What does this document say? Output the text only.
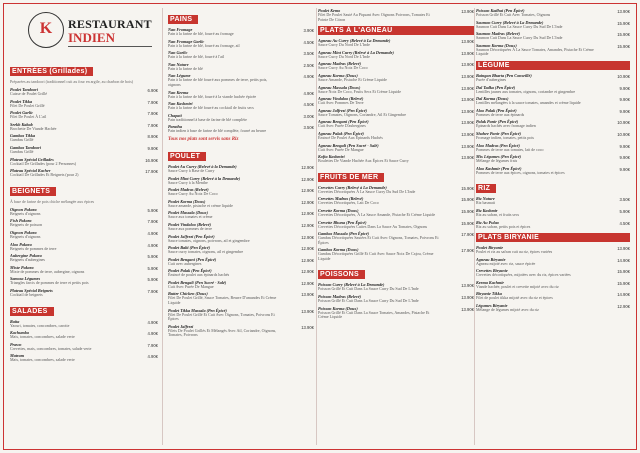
K	RESTAURANT
INDIEN
ENTRÉES (Grillades)
Préparées au tandoori (traditionnel cuit au four en argile, au charbon de bois)
Poulet Tandoori
Cuisse de Poulet Grillé
6.90€
Poulet Tikka
Filet De Poulet Grillé
7.90€
Poulet Garlic
Filet De Poulet À L'ail
7.90€
Seekh Kabab
Brochette De Viande Hachée
7.90€
Gambas Tikka
Gambas Grillé
8.90€
Gambas Tandoori
Gambas Grillé
9.90€
Platean Spécial Grillades
Cocktail De Grillades (pour 2 Personnes)
16.90€
Plateau Spécial Kacher
Cocktail De Grillades Et Beignets (pour 2)
17.90€
BEIGNETS
À base de farine de pois chiche mélangée aux épices
Oignon Pakora
Beignets d'oignons
5.90€
Fish Pakora
Beignets de poisson
7.90€
Oignon Pakora
Beignets d'oignons
4.90€
Aloo Pakora
Beignets de pommes de terre
4.90€
Aubergine Pakora
Beignets d'aubergines
5.90€
Mixte Pakora
Mixte de pommes de terre, aubergine, oignons
5.90€
Samosa Légumes
Triangles farcis de pommes de terre et petits pois
5.90€
Plateau Spécial Beignets
Cocktail de beignets
7.90€
SALADES
Raita
Yaourt, tomates, concombres, carotte
4.90€
Kachumba
Mais, tomates, concombres, salade verte
4.90€
Prawn
Crevettes, mais, concombres, tomates, salade verte
7.90€
Matram
Mais, tomates, concombres, salade verte
4.90€
PAINS
Nan Fromage
Pain à la farine de blé, fourré au fromage
3.90€
Nan Fromage Garlic
Pain à la farine de blé, fourré au fromage, ail
4.50€
Nan Garlic
Pain à la farine de blé, fourré à l'ail
3.50€
Nan Nature
Pain à la farine de blé
2.50€
Nan Légume
Pain à la farine de blé fourré aux pommes de terre, petits pois, oignons
4.90€
Nan Keema
Pain à la farine de blé, fourré à la viande hachée épicée
4.90€
Nan Kashmiri
Pain à la farine de blé fourré au cocktail de fruits secs
4.50€
Chapati
Pain traditionnel à base de farine de blé complète
3.00€
Paratha
Pain indien à base de farine de blé complète, fourré au beurre
3.50€
Tous nos plats sont servis sans Riz
POULET
Poulet Au Curry (Relevé à la Demande)
Sauce Curry à Base de Curry
12.90€
Poulet Mint Curry (Relevé à la Demande)
Sauce Curry à la Menthe
12.90€
Poulet Madras (Relevé)
Sauce Curry Au Noix De Coco
12.90€
Poulet Korma (Doux)
Sauce amande, pistache et crème liquide
12.90€
Poulet Massala (Doux)
Sauce aux tomates et crème
12.90€
Poulet Vindaloo (Relevé)
Sauce aux pommes de terre
12.90€
Poulet Jalfrezi (Pen Épicé)
Sauce tomates, oignons, poivrons, ail et gingembre
12.90€
Poulet Balti (Pen Épicé)
Sauce curry tomates, oignons, ail et gingembre
12.90€
Poulet Bengani (Pen Épicé)
Cuit avec aubergines
12.90€
Poulet Palak (Pen Épicé)
Émincé de poulet aux épinards hachés
12.90€
Poulet Bengali (Pen Sucré - Salé)
Cuit Avec Purée De Mangue
12.90€
Butter Chicken (Doux)
Filet De Poulet Grillé, Sauce Tomates, Beurre D'amandes Et Crème Liquide
13.90€
Poulet Tikka Massala (Pen Épicé)
Filet De Poulet Grillé Et Cuit Avec Oignons, Tomates, Poivrons Et Épices
13.90€
Poulet Jalfrezi
Filets De Poulet Grillés Et Mélangés Avec Ail, Coriandre, Oignons, Tomates, Poivrons
13.90€
Poulet Kemo
Filet De Poulet Sauté Au Piquant Avec Oignons Poivrons, Tomates Et Pointe De Citron
13.90€
PLATS À L'AGNEAU
Agneau Au Curry (Relevé à La Demande)
Sauce Curry Du Nord De L'Inde
13.90€
Agneau Mint Curry (Relevé à La Demande)
Sauce Curry Du Nord De L'Inde
13.90€
Agneau Madras (Relevé)
Sauce Curry Au Noix De Coco
13.90€
Agneau Korma (Doux)
Sauce Amande, Pistache Et Crème Liquide
13.90€
Agneau Massala (Doux)
Sauce Noix De Coco, Fruits Secs Et Crème Liquide
13.90€
Agneau Vindaloo (Relevé)
Cuit Avec Pommes De Terre
13.90€
Agneau Jalfrezi (Pen Épicé)
Sauce Tomates, Oignons, Coriandre, Ail Et Gingembre
13.90€
Agneau Bengani (Pen Épicé)
Cuit Avec Purée D'aubergines
13.90€
Agneau Palak (Pen Épicé)
Émincé De Poulet Aux Épinards Hachés
13.90€
Agneau Bengali (Pen Sucré - Salé)
Cuit Avec Purée De Mangue
13.90€
Kofta Kashmiri
Boulettes De Viande Hachée Aux Épices Et Sauce Curry
13.90€
FRUITS DE MER
Crevettes Curry (Relevé à La Demande)
Crevettes Décortiquées À La Sauce Curry Du Sud De L'Inde
15.90€
Crevettes Madras (Relevé)
Crevettes Décortiquées, Lait De Coco
15.90€
Crevette Korma (Doux)
Crevettes Décortiquées, À La Sauce Amande, Pistache Et Crème Liquide
15.90€
Crevette Bhuna (Pen Épicé)
Crevettes Décortiquées Cuites Dans La Sauce Au Tomates, Oignons
15.90€
Gambas Massala (Pen Épicé)
Gambas Décortiquées Sautées Et Cuit Avec Oignons, Tomates, Poivrons Et Épices
17.90€
Gambas Korma (Doux)
Gambas Décortiquées Grillé Et Cuit Avec Sauce Noix De Cajou, Crème Liquide
17.90€
POISSONS
Poisson Curry (Relevé à La Demande)
Poisson Grillé Et Cuit Dans La Sauce Curry Du Sud De L'Inde
13.90€
Poisson Madras (Relevé)
Poisson Grillé Et Cuit Dans La Sauce Curry Du Sud De L'Inde
13.90€
Poisson Korma (Doux)
Poisson Grillé Et Cuit Dans La Sauce Tomates, Amandes, Pistache Et Crème Liquide
13.90€
Poisson Kadhai (Pen Épicé)
Poisson Grillé Et Cuit Avec Tomates, Oignons
13.90€
Saumon Curry (Relevé à La Demande)
Saumon Cuit Dans La Sauce Curry Du Sud De L'Inde
15.90€
Saumon Madras (Relevé)
Saumon Cuit Dans La Sauce Curry Du Sud De L'Inde
15.90€
Saumon Korma (Doux)
Saumon Décortiquées À La Sauce Tomates, Amandes, Pistache Et Crème Liquide
15.90€
LÉGUME
Baingan Bharta (Pen Conseillé)
Purée d'aubergines
10.90€
Dal Tadka (Pen Épicé)
Lentilles jaunes aux tomates, oignons, coriandre et gingembre
9.90€
Dal Korma (Doux)
Lentilles mélangées à la sauce tomates, amandes et crème liquide
9.90€
Aloo Palak (Pen Épicé)
Pommes de terre aux épinards
9.90€
Palak Panir (Pen Épicé)
Épinards hachés avec fromage indien
10.90€
Shahee Panir (Pen Épicé)
Fromage indien, tomates, petits pois
10.90€
Aloo Madras (Pen Épicé)
Pommes de terre aux tomates, lait de coco
9.90€
Mix Légumes (Pen Épicé)
Mélange de légumes frais
9.90€
Aloo Kashmir (Pen Épicé)
Pommes de terre aux épices, oignons, tomates et épices
9.90€
RIZ
Riz Nature
Riz basmati
3.50€
Riz Kashmir
Riz au safran, et fruits secs
5.90€
Riz Au Pulao
Riz au safran, petits pois et épices
4.50€
PLATS BIRYANIE
Poulet Biryanie
Poulet et riz au safran cuit au riz, épices variées
13.90€
Agneau Biryanie
Agneau mijoté avec riz, sauce épicée
14.90€
Crevettes Biryanie
Crevettes décortiquées, mijotées avec du riz, épices variées
15.90€
Keema Kachmir
Viande hachée, poulet et crevette mijoté avec du riz
15.90€
Biryanie Tikka
Filet de poulet tikka mijoté avec du riz et épices
14.90€
Légumes Biryanie
Mélange de légumes mijoté avec du riz
12.90€
